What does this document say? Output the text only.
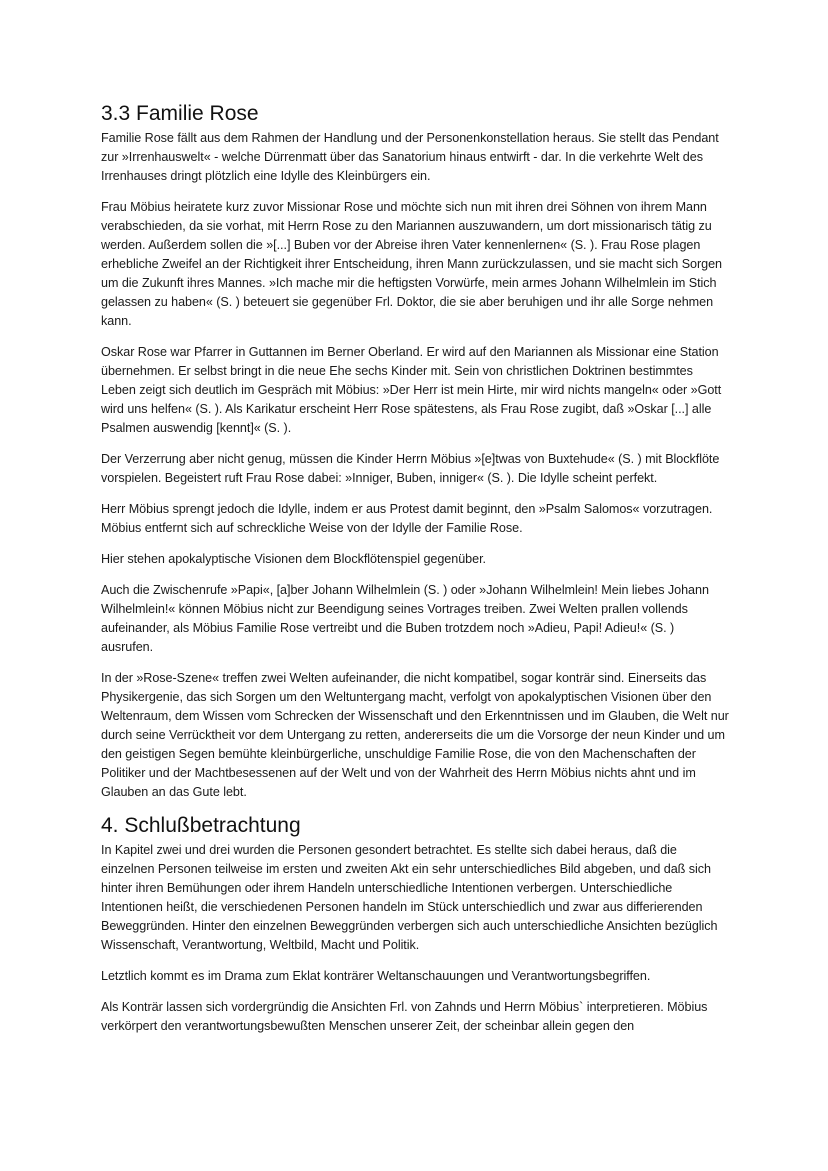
3.3 Familie Rose

Familie Rose fällt aus dem Rahmen der Handlung und der Personenkonstellation heraus. Sie stellt das Pendant zur »Irrenhauswelt« - welche Dürrenmatt über das Sanatorium hinaus entwirft - dar. In die verkehrte Welt des Irrenhauses dringt plötzlich eine Idylle des Kleinbürgers ein.

Frau Möbius heiratete kurz zuvor Missionar Rose und möchte sich nun mit ihren drei Söhnen von ihrem Mann verabschieden, da sie vorhat, mit Herrn Rose zu den Mariannen auszuwandern, um dort missionarisch tätig zu werden. Außerdem sollen die »[...] Buben vor der Abreise ihren Vater kennenlernen« (S. ). Frau Rose plagen erhebliche Zweifel an der Richtigkeit ihrer Entscheidung, ihren Mann zurückzulassen, und sie macht sich Sorgen um die Zukunft ihres Mannes. »Ich mache mir die heftigsten Vorwürfe, mein armes Johann Wilhelmlein im Stich gelassen zu haben« (S. ) beteuert sie gegenüber Frl. Doktor, die sie aber beruhigen und ihr alle Sorge nehmen kann.

Oskar Rose war Pfarrer in Guttannen im Berner Oberland. Er wird auf den Mariannen als Missionar eine Station übernehmen. Er selbst bringt in die neue Ehe sechs Kinder mit. Sein von christlichen Doktrinen bestimmtes Leben zeigt sich deutlich im Gespräch mit Möbius: »Der Herr ist mein Hirte, mir wird nichts mangeln« oder »Gott wird uns helfen« (S. ). Als Karikatur erscheint Herr Rose spätestens, als Frau Rose zugibt, daß »Oskar [...] alle Psalmen auswendig [kennt]« (S. ).

Der Verzerrung aber nicht genug, müssen die Kinder Herrn Möbius »[e]twas von Buxtehude« (S. ) mit Blockflöte vorspielen. Begeistert ruft Frau Rose dabei: »Inniger, Buben, inniger« (S. ). Die Idylle scheint perfekt.

Herr Möbius sprengt jedoch die Idylle, indem er aus Protest damit beginnt, den »Psalm Salomos« vorzutragen. Möbius entfernt sich auf schreckliche Weise von der Idylle der Familie Rose.

Hier stehen apokalyptische Visionen dem Blockflötenspiel gegenüber.

Auch die Zwischenrufe »Papi«, [a]ber Johann Wilhelmlein (S. ) oder »Johann Wilhelmlein! Mein liebes Johann Wilhelmlein!« können Möbius nicht zur Beendigung seines Vortrages treiben. Zwei Welten prallen vollends aufeinander, als Möbius Familie Rose vertreibt und die Buben trotzdem noch »Adieu, Papi! Adieu!« (S. ) ausrufen.

In der »Rose-Szene« treffen zwei Welten aufeinander, die nicht kompatibel, sogar konträr sind. Einerseits das Physikergenie, das sich Sorgen um den Weltuntergang macht, verfolgt von apokalyptischen Visionen über den Weltenraum, dem Wissen vom Schrecken der Wissenschaft und den Erkenntnissen und im Glauben, die Welt nur durch seine Verrücktheit vor dem Untergang zu retten, andererseits die um die Vorsorge der neun Kinder und um den geistigen Segen bemühte kleinbürgerliche, unschuldige Familie Rose, die von den Machenschaften der Politiker und der Machtbesessenen auf der Welt und von der Wahrheit des Herrn Möbius nichts ahnt und im Glauben an das Gute lebt.

4. Schlußbetrachtung

In Kapitel zwei und drei wurden die Personen gesondert betrachtet. Es stellte sich dabei heraus, daß die einzelnen Personen teilweise im ersten und zweiten Akt ein sehr unterschiedliches Bild abgeben, und daß sich hinter ihren Bemühungen oder ihrem Handeln unterschiedliche Intentionen verbergen. Unterschiedliche Intentionen heißt, die verschiedenen Personen handeln im Stück unterschiedlich und zwar aus differierenden Beweggründen. Hinter den einzelnen Beweggründen verbergen sich auch unterschiedliche Ansichten bezüglich Wissenschaft, Verantwortung, Weltbild, Macht und Politik.

Letztlich kommt es im Drama zum Eklat konträrer Weltanschauungen und Verantwortungsbegriffen.

Als Konträr lassen sich vordergründig die Ansichten Frl. von Zahnds und Herrn Möbius` interpretieren. Möbius verkörpert den verantwortungsbewußten Menschen unserer Zeit, der scheinbar allein gegen den
